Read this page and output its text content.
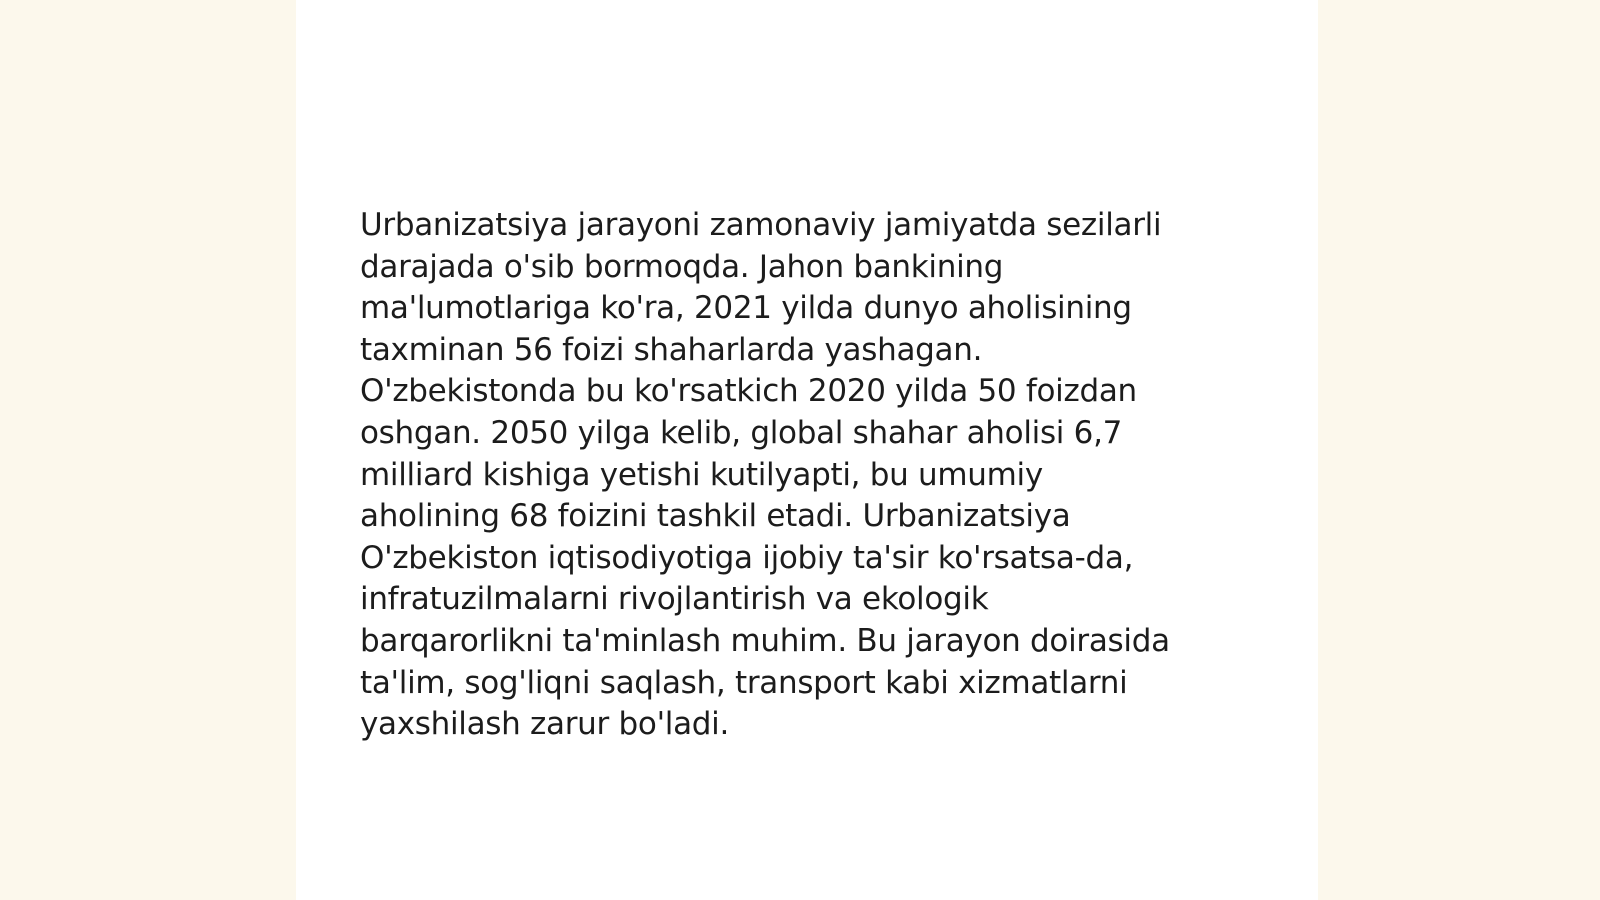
Urbanizatsiya jarayoni zamonaviy jamiyatda sezilarli
darajada o'sib bormoqda. Jahon bankining
ma'lumotlariga ko'ra, 2021 yilda dunyo aholisining
taxminan 56 foizi shaharlarda yashagan.
O'zbekistonda bu ko'rsatkich 2020 yilda 50 foizdan
oshgan. 2050 yilga kelib, global shahar aholisi 6,7
milliard kishiga yetishi kutilyapti, bu umumiy
aholining 68 foizini tashkil etadi. Urbanizatsiya
O'zbekiston iqtisodiyotiga ijobiy ta'sir ko'rsatsa-da,
infratuzilmalarni rivojlantirish va ekologik
barqarorlikni ta'minlash muhim. Bu jarayon doirasida
ta'lim, sog'liqni saqlash, transport kabi xizmatlarni
yaxshilash zarur bo'ladi.
